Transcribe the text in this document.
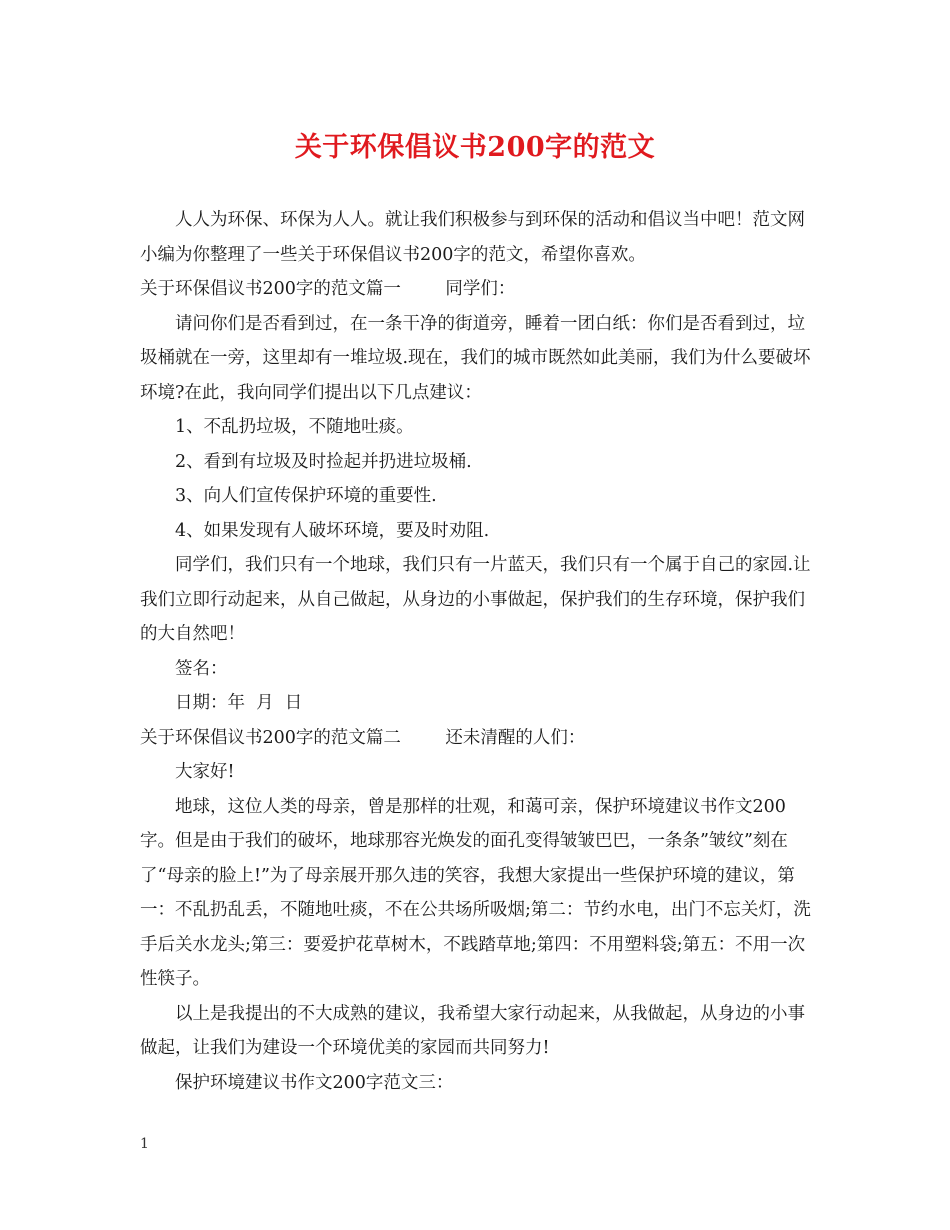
关于环保倡议书200字的范文

人人为环保、环保为人人。就让我们积极参与到环保的活动和倡议当中吧！范文网小编为你整理了一些关于环保倡议书200字的范文，希望你喜欢。

关于环保倡议书200字的范文篇一        同学们：

请问你们是否看到过，在一条干净的街道旁，睡着一团白纸：你们是否看到过，垃圾桶就在一旁，这里却有一堆垃圾.现在，我们的城市既然如此美丽，我们为什么要破坏环境?在此，我向同学们提出以下几点建议：

1、不乱扔垃圾，不随地吐痰。

2、看到有垃圾及时捡起并扔进垃圾桶.

3、向人们宣传保护环境的重要性.

4、如果发现有人破坏环境，要及时劝阻.

同学们，我们只有一个地球，我们只有一片蓝天，我们只有一个属于自己的家园.让我们立即行动起来，从自己做起，从身边的小事做起，保护我们的生存环境，保护我们的大自然吧！

签名：

日期：年  月  日

关于环保倡议书200字的范文篇二        还未清醒的人们：

大家好!

地球，这位人类的母亲，曾是那样的壮观，和蔼可亲，保护环境建议书作文200字。但是由于我们的破坏，地球那容光焕发的面孔变得皱皱巴巴，一条条”皱纹”刻在了“母亲的脸上!”为了母亲展开那久违的笑容，我想大家提出一些保护环境的建议，第一：不乱扔乱丢，不随地吐痰，不在公共场所吸烟;第二：节约水电，出门不忘关灯，洗手后关水龙头;第三：要爱护花草树木，不践踏草地;第四：不用塑料袋;第五：不用一次性筷子。

以上是我提出的不大成熟的建议，我希望大家行动起来，从我做起，从身边的小事做起，让我们为建设一个环境优美的家园而共同努力!

保护环境建议书作文200字范文三：

1
